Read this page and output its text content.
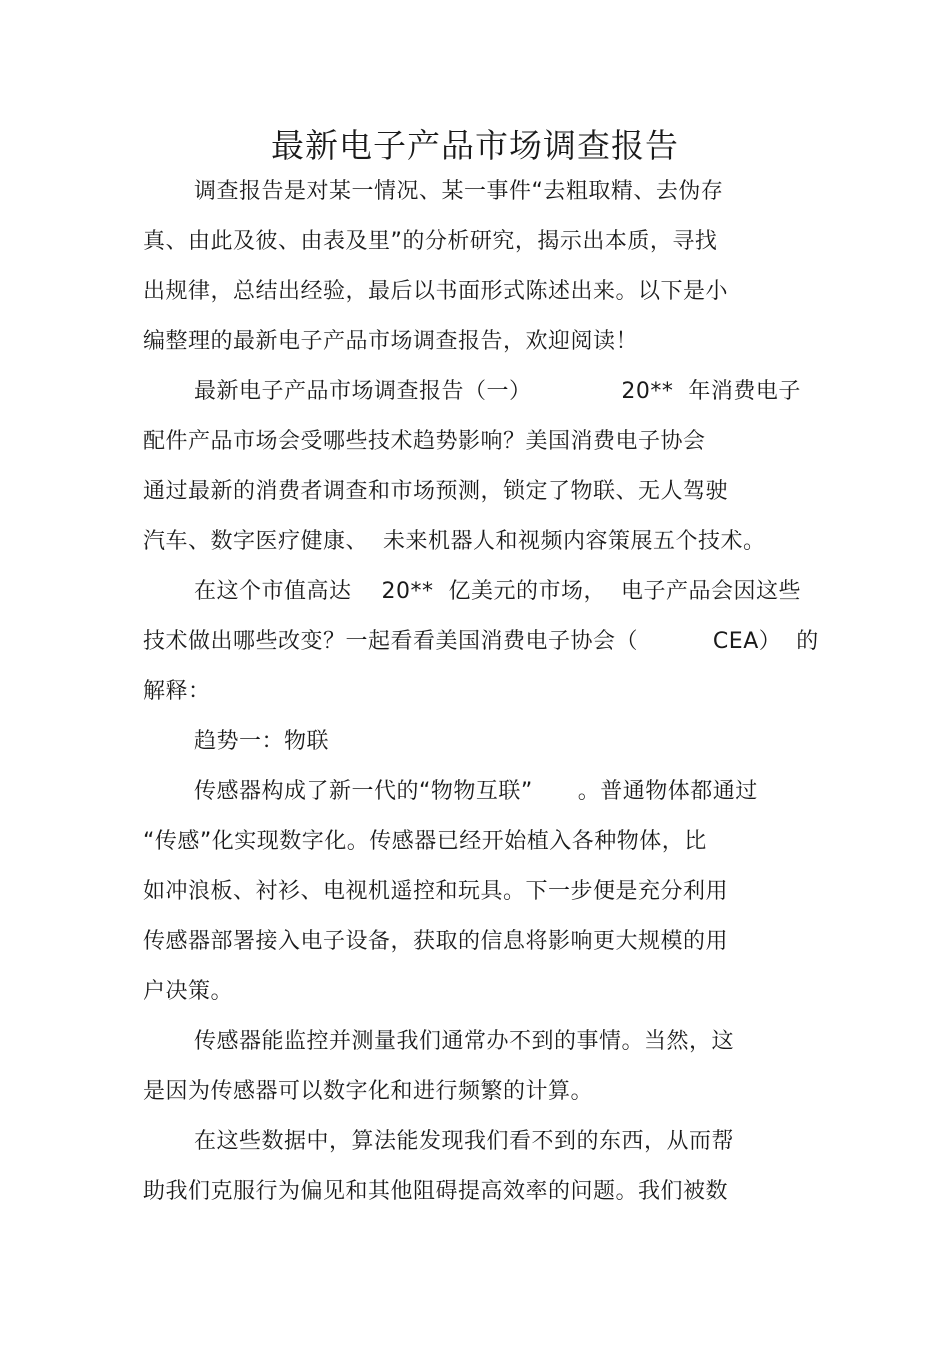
最新电子产品市场调查报告
调查报告是对某一情况、某一事件“去粗取精、去伪存
真、由此及彼、由表及里”的分析研究，揭示出本质，寻找
出规律，总结出经验，最后以书面形式陈述出来。以下是小
编整理的最新电子产品市场调查报告，欢迎阅读！
最新电子产品市场调查报告（一）            20**  年消费电子
配件产品市场会受哪些技术趋势影响？美国消费电子协会
通过最新的消费者调查和市场预测，锁定了物联、无人驾驶
汽车、数字医疗健康、  未来机器人和视频内容策展五个技术。
在这个市值高达    20**  亿美元的市场，  电子产品会因这些
技术做出哪些改变？一起看看美国消费电子协会（          CEA）  的
解释：
趋势一：物联
传感器构成了新一代的“物物互联”      。普通物体都通过
“传感”化实现数字化。传感器已经开始植入各种物体，比
如冲浪板、衬衫、电视机遥控和玩具。下一步便是充分利用
传感器部署接入电子设备，获取的信息将影响更大规模的用
户决策。
传感器能监控并测量我们通常办不到的事情。当然，这
是因为传感器可以数字化和进行频繁的计算。
在这些数据中，算法能发现我们看不到的东西，从而帮
助我们克服行为偏见和其他阻碍提高效率的问题。我们被数
